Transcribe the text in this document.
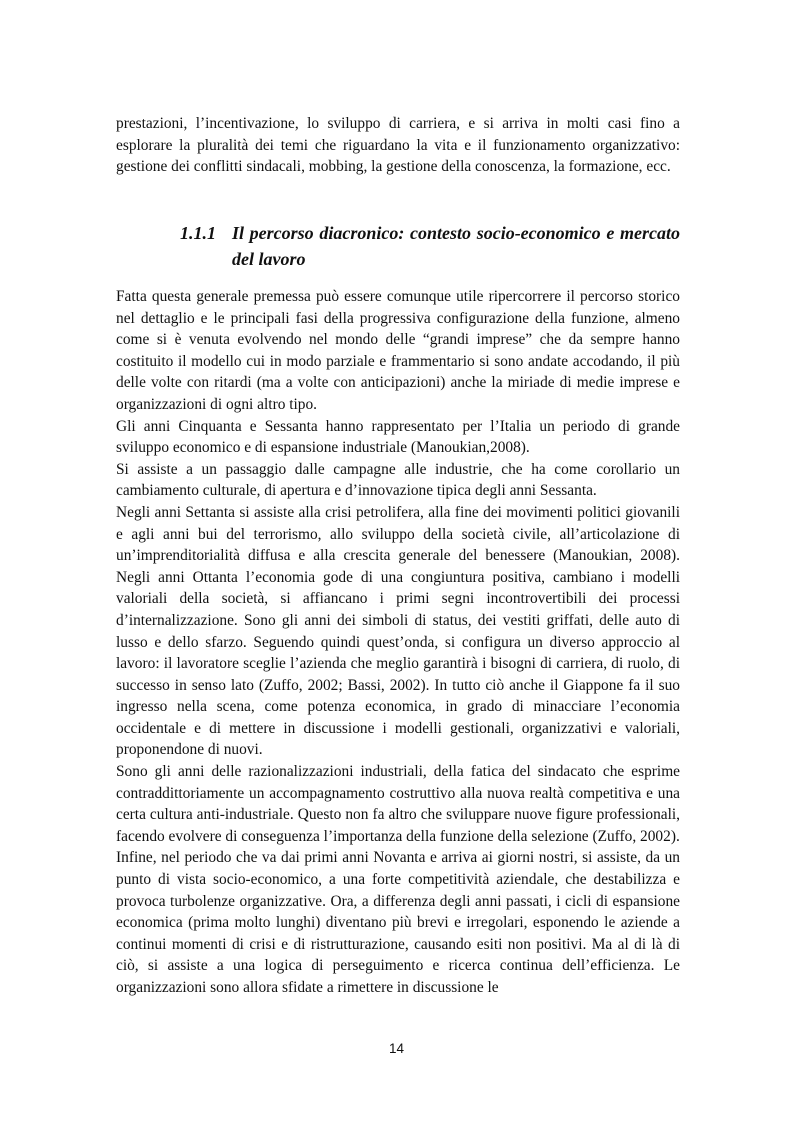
prestazioni, l’incentivazione, lo sviluppo di carriera, e si arriva in molti casi fino a esplorare la pluralità dei temi che riguardano la vita e il funzionamento organizzativo: gestione dei conflitti sindacali, mobbing, la gestione della conoscenza, la formazione, ecc.

1.1.1 Il percorso diacronico: contesto socio-economico e mercato del lavoro

Fatta questa generale premessa può essere comunque utile ripercorrere il percorso storico nel dettaglio e le principali fasi della progressiva configurazione della funzione, almeno come si è venuta evolvendo nel mondo delle “grandi imprese” che da sempre hanno costituito il modello cui in modo parziale e frammentario si sono andate accodando, il più delle volte con ritardi (ma a volte con anticipazioni) anche la miriade di medie imprese e organizzazioni di ogni altro tipo.

Gli anni Cinquanta e Sessanta hanno rappresentato per l’Italia un periodo di grande sviluppo economico e di espansione industriale (Manoukian,2008).

Si assiste a un passaggio dalle campagne alle industrie, che ha come corollario un cambiamento culturale, di apertura e d’innovazione tipica degli anni Sessanta.

Negli anni Settanta si assiste alla crisi petrolifera, alla fine dei movimenti politici giovanili e agli anni bui del terrorismo, allo sviluppo della società civile, all’articolazione di un’imprenditorialità diffusa e alla crescita generale del benessere (Manoukian, 2008). Negli anni Ottanta l’economia gode di una congiuntura positiva, cambiano i modelli valoriali della società, si affiancano i primi segni incontrovertibili dei processi d’internalizzazione. Sono gli anni dei simboli di status, dei vestiti griffati, delle auto di lusso e dello sfarzo. Seguendo quindi quest’onda, si configura un diverso approccio al lavoro: il lavoratore sceglie l’azienda che meglio garantirà i bisogni di carriera, di ruolo, di successo in senso lato (Zuffo, 2002; Bassi, 2002). In tutto ciò anche il Giappone fa il suo ingresso nella scena, come potenza economica, in grado di minacciare l’economia occidentale e di mettere in discussione i modelli gestionali, organizzativi e valoriali, proponendone di nuovi.

Sono gli anni delle razionalizzazioni industriali, della fatica del sindacato che esprime contraddittoriamente un accompagnamento costruttivo alla nuova realtà competitiva e una certa cultura anti-industriale. Questo non fa altro che sviluppare nuove figure professionali, facendo evolvere di conseguenza l’importanza della funzione della selezione (Zuffo, 2002).

Infine, nel periodo che va dai primi anni Novanta e arriva ai giorni nostri, si assiste, da un punto di vista socio-economico, a una forte competitività aziendale, che destabilizza e provoca turbolenze organizzative. Ora, a differenza degli anni passati, i cicli di espansione economica (prima molto lunghi) diventano più brevi e irregolari, esponendo le aziende a continui momenti di crisi e di ristrutturazione, causando esiti non positivi. Ma al di là di ciò, si assiste a una logica di perseguimento e ricerca continua dell’efficienza. Le organizzazioni sono allora sfidate a rimettere in discussione le

14
